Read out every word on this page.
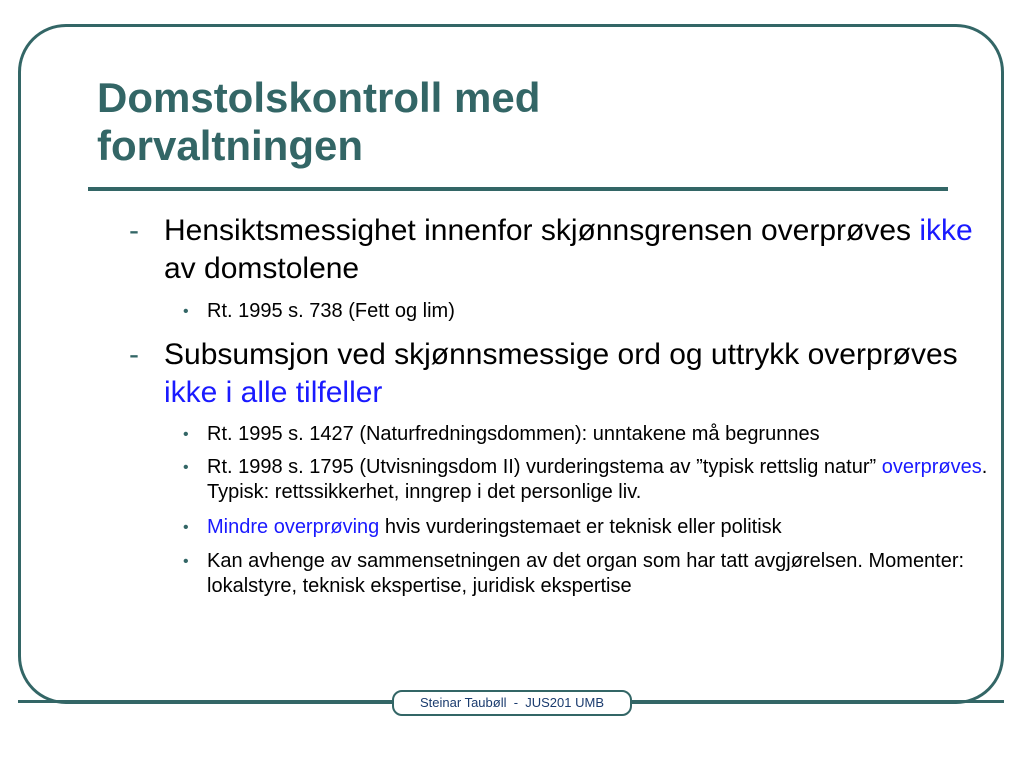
Domstolskontroll med
forvaltningen
- Hensiktsmessighet innenfor skjønnsgrensen overprøves ikke av domstolene
• Rt. 1995 s. 738 (Fett og lim)
- Subsumsjon ved skjønnsmessige ord og uttrykk overprøves ikke i alle tilfeller
• Rt. 1995 s. 1427 (Naturfredningsdommen): unntakene må begrunnes
• Rt. 1998 s. 1795 (Utvisningsdom II) vurderingstema av ”typisk rettslig natur” overprøves. Typisk: rettssikkerhet, inngrep i det personlige liv.
• Mindre overprøving hvis vurderingstemaet er teknisk eller politisk
• Kan avhenge av sammensetningen av det organ som har tatt avgjørelsen. Momenter: lokalstyre, teknisk ekspertise, juridisk ekspertise
Steinar Taubøll  -  JUS201 UMB
